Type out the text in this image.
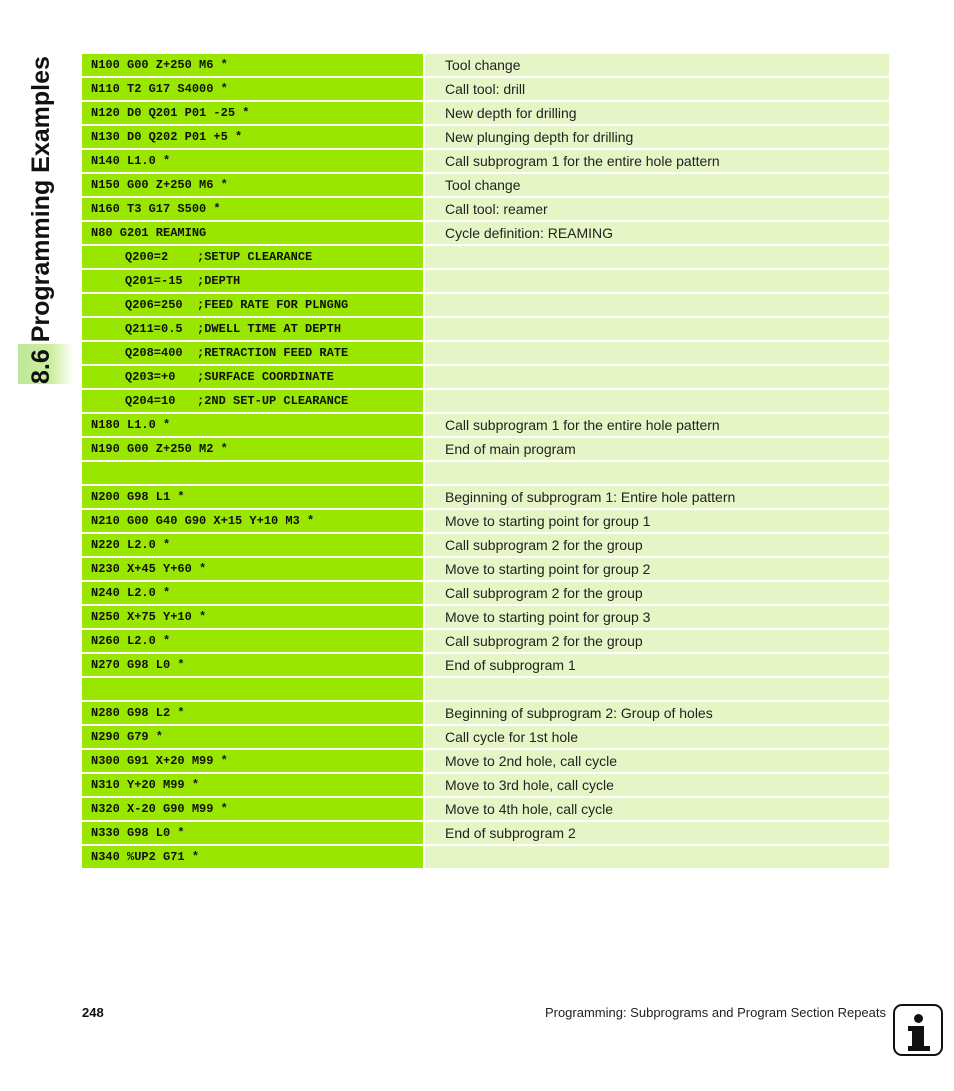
8.6 Programming Examples	N100 G00 Z+250 M6 *	Tool change
N110 T2 G17 S4000 *	Call tool: drill
N120 D0 Q201 P01 -25 *	New depth for drilling
N130 D0 Q202 P01 +5 *	New plunging depth for drilling
N140 L1.0 *	Call subprogram 1 for the entire hole pattern
N150 G00 Z+250 M6 *	Tool change
N160 T3 G17 S500 *	Call tool: reamer
N80 G201 REAMING	Cycle definition: REAMING
Q200=2    ;SETUP CLEARANCE
Q201=-15  ;DEPTH
Q206=250  ;FEED RATE FOR PLNGNG
Q211=0.5  ;DWELL TIME AT DEPTH
Q208=400  ;RETRACTION FEED RATE
Q203=+0   ;SURFACE COORDINATE
Q204=10   ;2ND SET-UP CLEARANCE
N180 L1.0 *	Call subprogram 1 for the entire hole pattern
N190 G00 Z+250 M2 *	End of main program
N200 G98 L1 *	Beginning of subprogram 1: Entire hole pattern
N210 G00 G40 G90 X+15 Y+10 M3 *	Move to starting point for group 1
N220 L2.0 *	Call subprogram 2 for the group
N230 X+45 Y+60 *	Move to starting point for group 2
N240 L2.0 *	Call subprogram 2 for the group
N250 X+75 Y+10 *	Move to starting point for group 3
N260 L2.0 *	Call subprogram 2 for the group
N270 G98 L0 *	End of subprogram 1
N280 G98 L2 *	Beginning of subprogram 2: Group of holes
N290 G79 *	Call cycle for 1st hole
N300 G91 X+20 M99 *	Move to 2nd hole, call cycle
N310 Y+20 M99 *	Move to 3rd hole, call cycle
N320 X-20 G90 M99 *	Move to 4th hole, call cycle
N330 G98 L0 *	End of subprogram 2
N340 %UP2 G71 *
248	Programming: Subprograms and Program Section Repeats
